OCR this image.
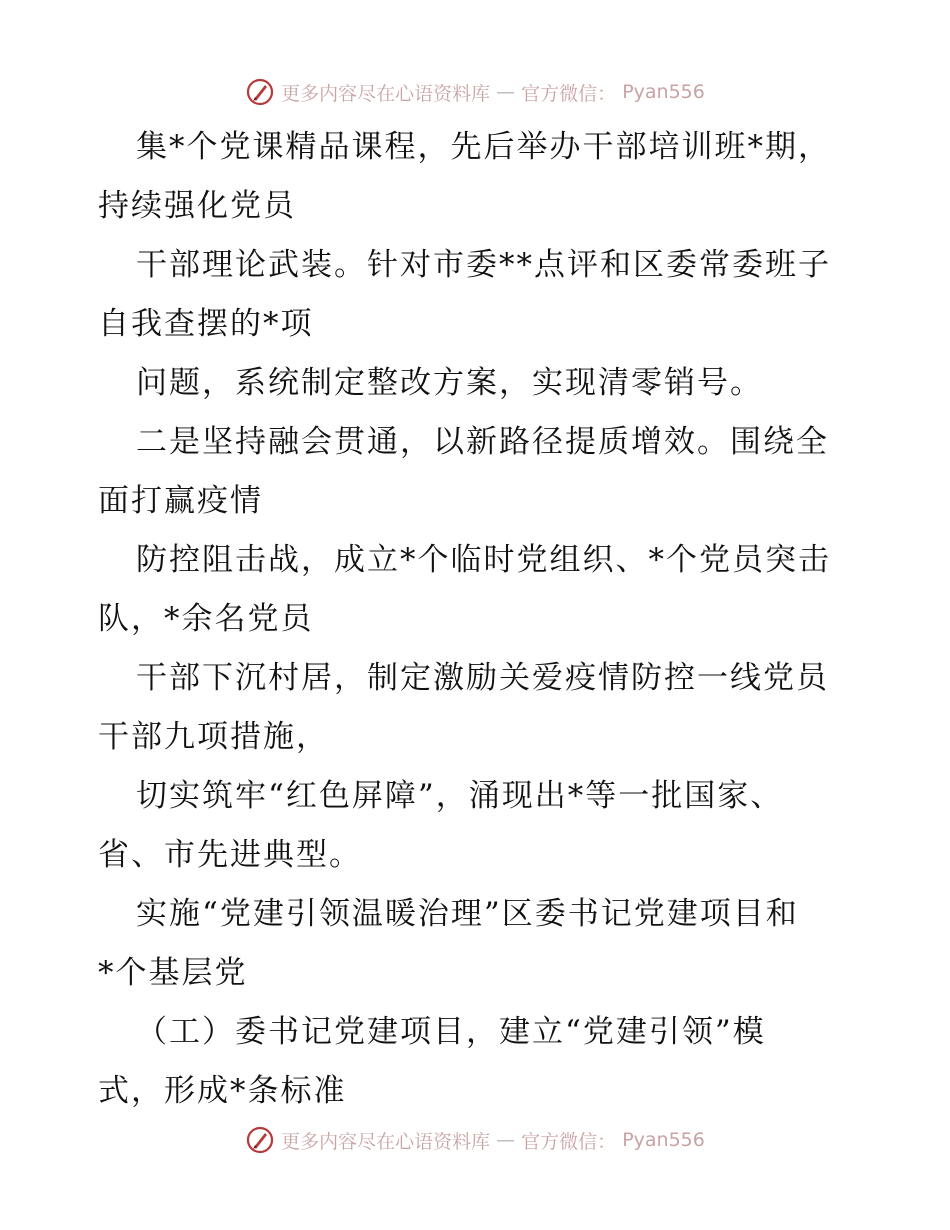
更多内容尽在心语资料库 — 官方微信： Pyan556
集*个党课精品课程，先后举办干部培训班*期，
持续强化党员
干部理论武装。针对市委**点评和区委常委班子
自我查摆的*项
问题，系统制定整改方案，实现清零销号。
二是坚持融会贯通，以新路径提质增效。围绕全
面打赢疫情
防控阻击战，成立*个临时党组织、*个党员突击
队，*余名党员
干部下沉村居，制定激励关爱疫情防控一线党员
干部九项措施，
切实筑牢“红色屏障”，涌现出*等一批国家、
省、市先进典型。
实施“党建引领温暖治理”区委书记党建项目和
*个基层党
（工）委书记党建项目，建立“党建引领”模
式，形成*条标准
更多内容尽在心语资料库 — 官方微信： Pyan556
